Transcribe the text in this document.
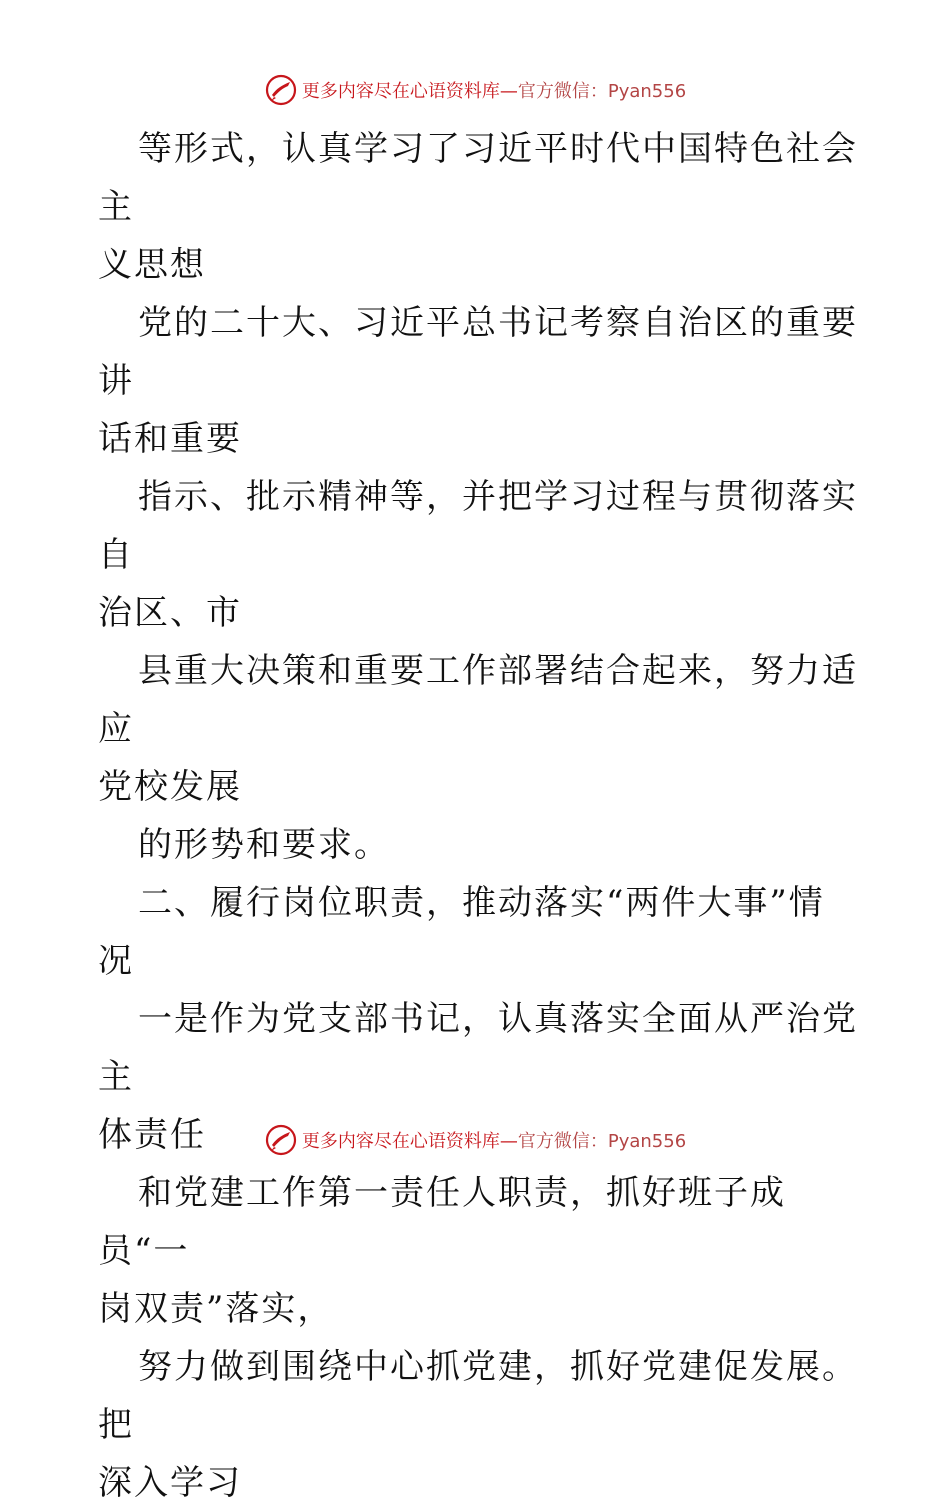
更多内容尽在心语资料库—官方微信：Pyan556

等形式，认真学习了习近平时代中国特色社会主
义思想

党的二十大、习近平总书记考察自治区的重要讲
话和重要

指示、批示精神等，并把学习过程与贯彻落实自
治区、市

县重大决策和重要工作部署结合起来，努力适应
党校发展

的形势和要求。

二、履行岗位职责，推动落实“两件大事”情况

一是作为党支部书记，认真落实全面从严治党主
体责任

和党建工作第一责任人职责，抓好班子成员“一
岗双责”落实，

努力做到围绕中心抓党建，抓好党建促发展。把
深入学习

更多内容尽在心语资料库—官方微信：Pyan556
